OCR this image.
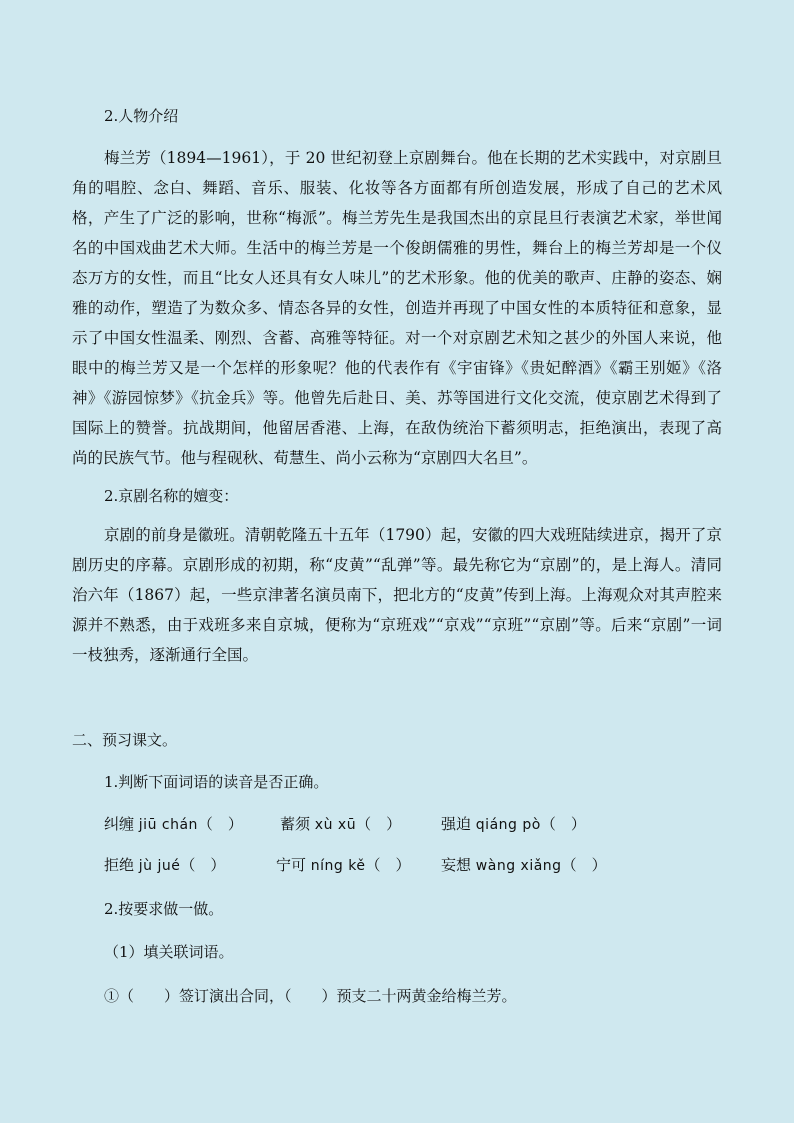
2.人物介绍
梅兰芳（1894—1961），于 20 世纪初登上京剧舞台。他在长期的艺术实践中，对京剧旦角的唱腔、念白、舞蹈、音乐、服装、化妆等各方面都有所创造发展，形成了自己的艺术风格，产生了广泛的影响，世称“梅派”。梅兰芳先生是我国杰出的京昆旦行表演艺术家，举世闻名的中国戏曲艺术大师。生活中的梅兰芳是一个俊朗儒雅的男性，舞台上的梅兰芳却是一个仪态万方的女性，而且“比女人还具有女人味儿”的艺术形象。他的优美的歌声、庄静的姿态、娴雅的动作，塑造了为数众多、情态各异的女性，创造并再现了中国女性的本质特征和意象，显示了中国女性温柔、刚烈、含蓄、高雅等特征。对一个对京剧艺术知之甚少的外国人来说，他眼中的梅兰芳又是一个怎样的形象呢？他的代表作有《宇宙锋》《贵妃醉酒》《霸王别姬》《洛神》《游园惊梦》《抗金兵》等。他曾先后赴日、美、苏等国进行文化交流，使京剧艺术得到了国际上的赞誉。抗战期间，他留居香港、上海，在敌伪统治下蓄须明志，拒绝演出，表现了高尚的民族气节。他与程砚秋、荀慧生、尚小云称为“京剧四大名旦”。
2.京剧名称的嬗变：
京剧的前身是徽班。清朝乾隆五十五年（1790）起，安徽的四大戏班陆续进京，揭开了京剧历史的序幕。京剧形成的初期，称“皮黄”“乱弹”等。最先称它为“京剧”的，是上海人。清同治六年（1867）起，一些京津著名演员南下，把北方的“皮黄”传到上海。上海观众对其声腔来源并不熟悉，由于戏班多来自京城，便称为“京班戏”“京戏”“京班”“京剧”等。后来“京剧”一词一枝独秀，逐渐通行全国。
二、预习课文。
1.判断下面词语的读音是否正确。
纠缠 jiū chán（　） 蓄须 xù xū（　）	强迫 qiáng pò（　）
拒绝 jù jué（　）	宁可 níng kě（　） 妄想 wàng xiǎng（　）
2.按要求做一做。
（1）填关联词语。
①（　　）签订演出合同，（　　）预支二十两黄金给梅兰芳。
